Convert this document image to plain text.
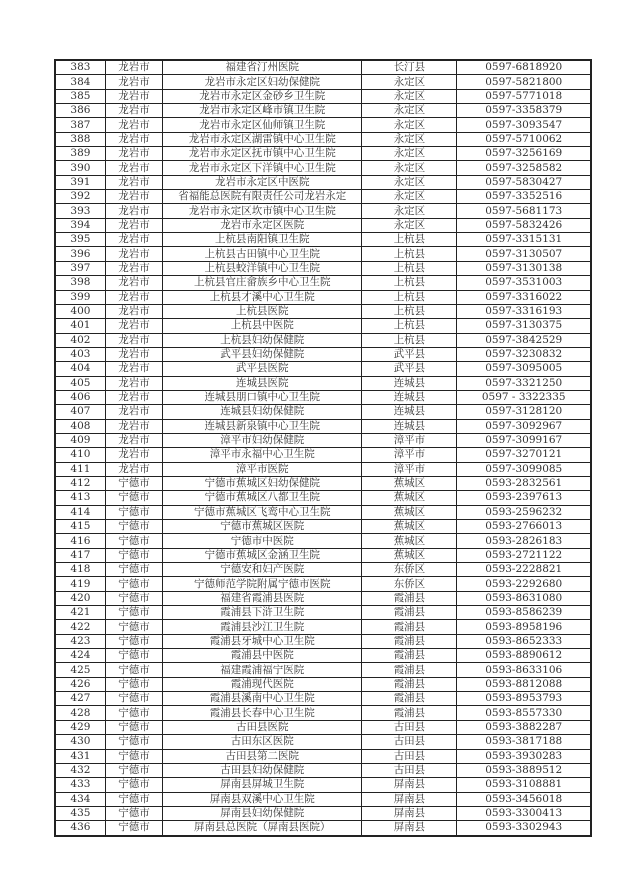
383	龙岩市	福建省汀州医院	长汀县	0597-6818920
384	龙岩市	龙岩市永定区妇幼保健院	永定区	0597-5821800
385	龙岩市	龙岩市永定区金砂乡卫生院	永定区	0597-5771018
386	龙岩市	龙岩市永定区峰市镇卫生院	永定区	0597-3358379
387	龙岩市	龙岩市永定区仙师镇卫生院	永定区	0597-3093547
388	龙岩市	龙岩市永定区湖雷镇中心卫生院	永定区	0597-5710062
389	龙岩市	龙岩市永定区抚市镇中心卫生院	永定区	0597-3256169
390	龙岩市	龙岩市永定区下洋镇中心卫生院	永定区	0597-3258582
391	龙岩市	龙岩市永定区中医院	永定区	0597-5830427
392	龙岩市	省福能总医院有限责任公司龙岩永定	永定区	0597-3352516
393	龙岩市	龙岩市永定区坎市镇中心卫生院	永定区	0597-5681173
394	龙岩市	龙岩市永定区医院	永定区	0597-5832426
395	龙岩市	上杭县南阳镇卫生院	上杭县	0597-3315131
396	龙岩市	上杭县古田镇中心卫生院	上杭县	0597-3130507
397	龙岩市	上杭县蛟洋镇中心卫生院	上杭县	0597-3130138
398	龙岩市	上杭县官庄畲族乡中心卫生院	上杭县	0597-3531003
399	龙岩市	上杭县才溪中心卫生院	上杭县	0597-3316022
400	龙岩市	上杭县医院	上杭县	0597-3316193
401	龙岩市	上杭县中医院	上杭县	0597-3130375
402	龙岩市	上杭县妇幼保健院	上杭县	0597-3842529
403	龙岩市	武平县妇幼保健院	武平县	0597-3230832
404	龙岩市	武平县医院	武平县	0597-3095005
405	龙岩市	连城县医院	连城县	0597-3321250
406	龙岩市	连城县朋口镇中心卫生院	连城县	0597 - 3322335
407	龙岩市	连城县妇幼保健院	连城县	0597-3128120
408	龙岩市	连城县新泉镇中心卫生院	连城县	0597-3092967
409	龙岩市	漳平市妇幼保健院	漳平市	0597-3099167
410	龙岩市	漳平市永福中心卫生院	漳平市	0597-3270121
411	龙岩市	漳平市医院	漳平市	0597-3099085
412	宁德市	宁德市蕉城区妇幼保健院	蕉城区	0593-2832561
413	宁德市	宁德市蕉城区八都卫生院	蕉城区	0593-2397613
414	宁德市	宁德市蕉城区飞鸾中心卫生院	蕉城区	0593-2596232
415	宁德市	宁德市蕉城区医院	蕉城区	0593-2766013
416	宁德市	宁德市中医院	蕉城区	0593-2826183
417	宁德市	宁德市蕉城区金涵卫生院	蕉城区	0593-2721122
418	宁德市	宁德安和妇产医院	东侨区	0593-2228821
419	宁德市	宁德师范学院附属宁德市医院	东侨区	0593-2292680
420	宁德市	福建省霞浦县医院	霞浦县	0593-8631080
421	宁德市	霞浦县下浒卫生院	霞浦县	0593-8586239
422	宁德市	霞浦县沙江卫生院	霞浦县	0593-8958196
423	宁德市	霞浦县牙城中心卫生院	霞浦县	0593-8652333
424	宁德市	霞浦县中医院	霞浦县	0593-8890612
425	宁德市	福建霞浦福宁医院	霞浦县	0593-8633106
426	宁德市	霞浦现代医院	霞浦县	0593-8812088
427	宁德市	霞浦县溪南中心卫生院	霞浦县	0593-8953793
428	宁德市	霞浦县长春中心卫生院	霞浦县	0593-8557330
429	宁德市	古田县医院	古田县	0593-3882287
430	宁德市	古田东区医院	古田县	0593-3817188
431	宁德市	古田县第二医院	古田县	0593-3930283
432	宁德市	古田县妇幼保健院	古田县	0593-3889512
433	宁德市	屏南县屏城卫生院	屏南县	0593-3108881
434	宁德市	屏南县双溪中心卫生院	屏南县	0593-3456018
435	宁德市	屏南县妇幼保健院	屏南县	0593-3300413
436	宁德市	屏南县总医院（屏南县医院）	屏南县	0593-3302943
